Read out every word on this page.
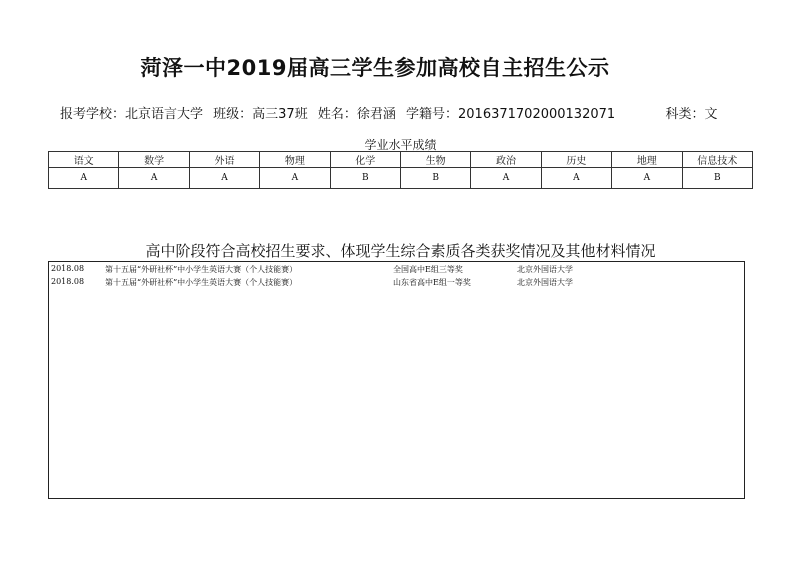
菏泽一中2019届高三学生参加高校自主招生公示
报考学校：北京语言大学 班级：高三37班 姓名：徐君涵 学籍号：2016371702000132071	科类：文
学业水平成绩
语文	数学	外语	物理	化学	生物	政治	历史	地理	信息技术
A	A	A	A	B	B	A	A	A	B
高中阶段符合高校招生要求、体现学生综合素质各类获奖情况及其他材料情况
2018.08	第十五届“外研社杯”中小学生英语大赛（个人技能赛）	全国高中E组三等奖	北京外国语大学
2018.08	第十五届“外研社杯”中小学生英语大赛（个人技能赛）	山东省高中E组一等奖	北京外国语大学
